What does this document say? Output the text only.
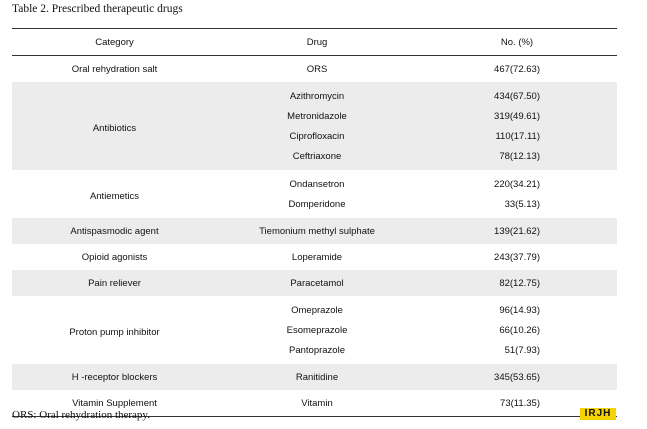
Table 2. Prescribed therapeutic drugs
Category	Drug	No. (%)
Oral rehydration salt	ORS	467(72.63)
Antibiotics	Azithromycin	434(67.50)
	Metronidazole	319(49.61)
	Ciprofloxacin	110(17.11)
	Ceftriaxone	78(12.13)
Antiemetics	Ondansetron	220(34.21)
	Domperidone	33(5.13)
Antispasmodic agent	Tiemonium methyl sulphate	139(21.62)
Opioid agonists	Loperamide	243(37.79)
Pain reliever	Paracetamol	82(12.75)
Proton pump inhibitor	Omeprazole	96(14.93)
	Esomeprazole	66(10.26)
	Pantoprazole	51(7.93)
H -receptor blockers	Ranitidine	345(53.65)
Vitamin Supplement	Vitamin	73(11.35)
ORS: Oral rehydration therapy.	IRJH
